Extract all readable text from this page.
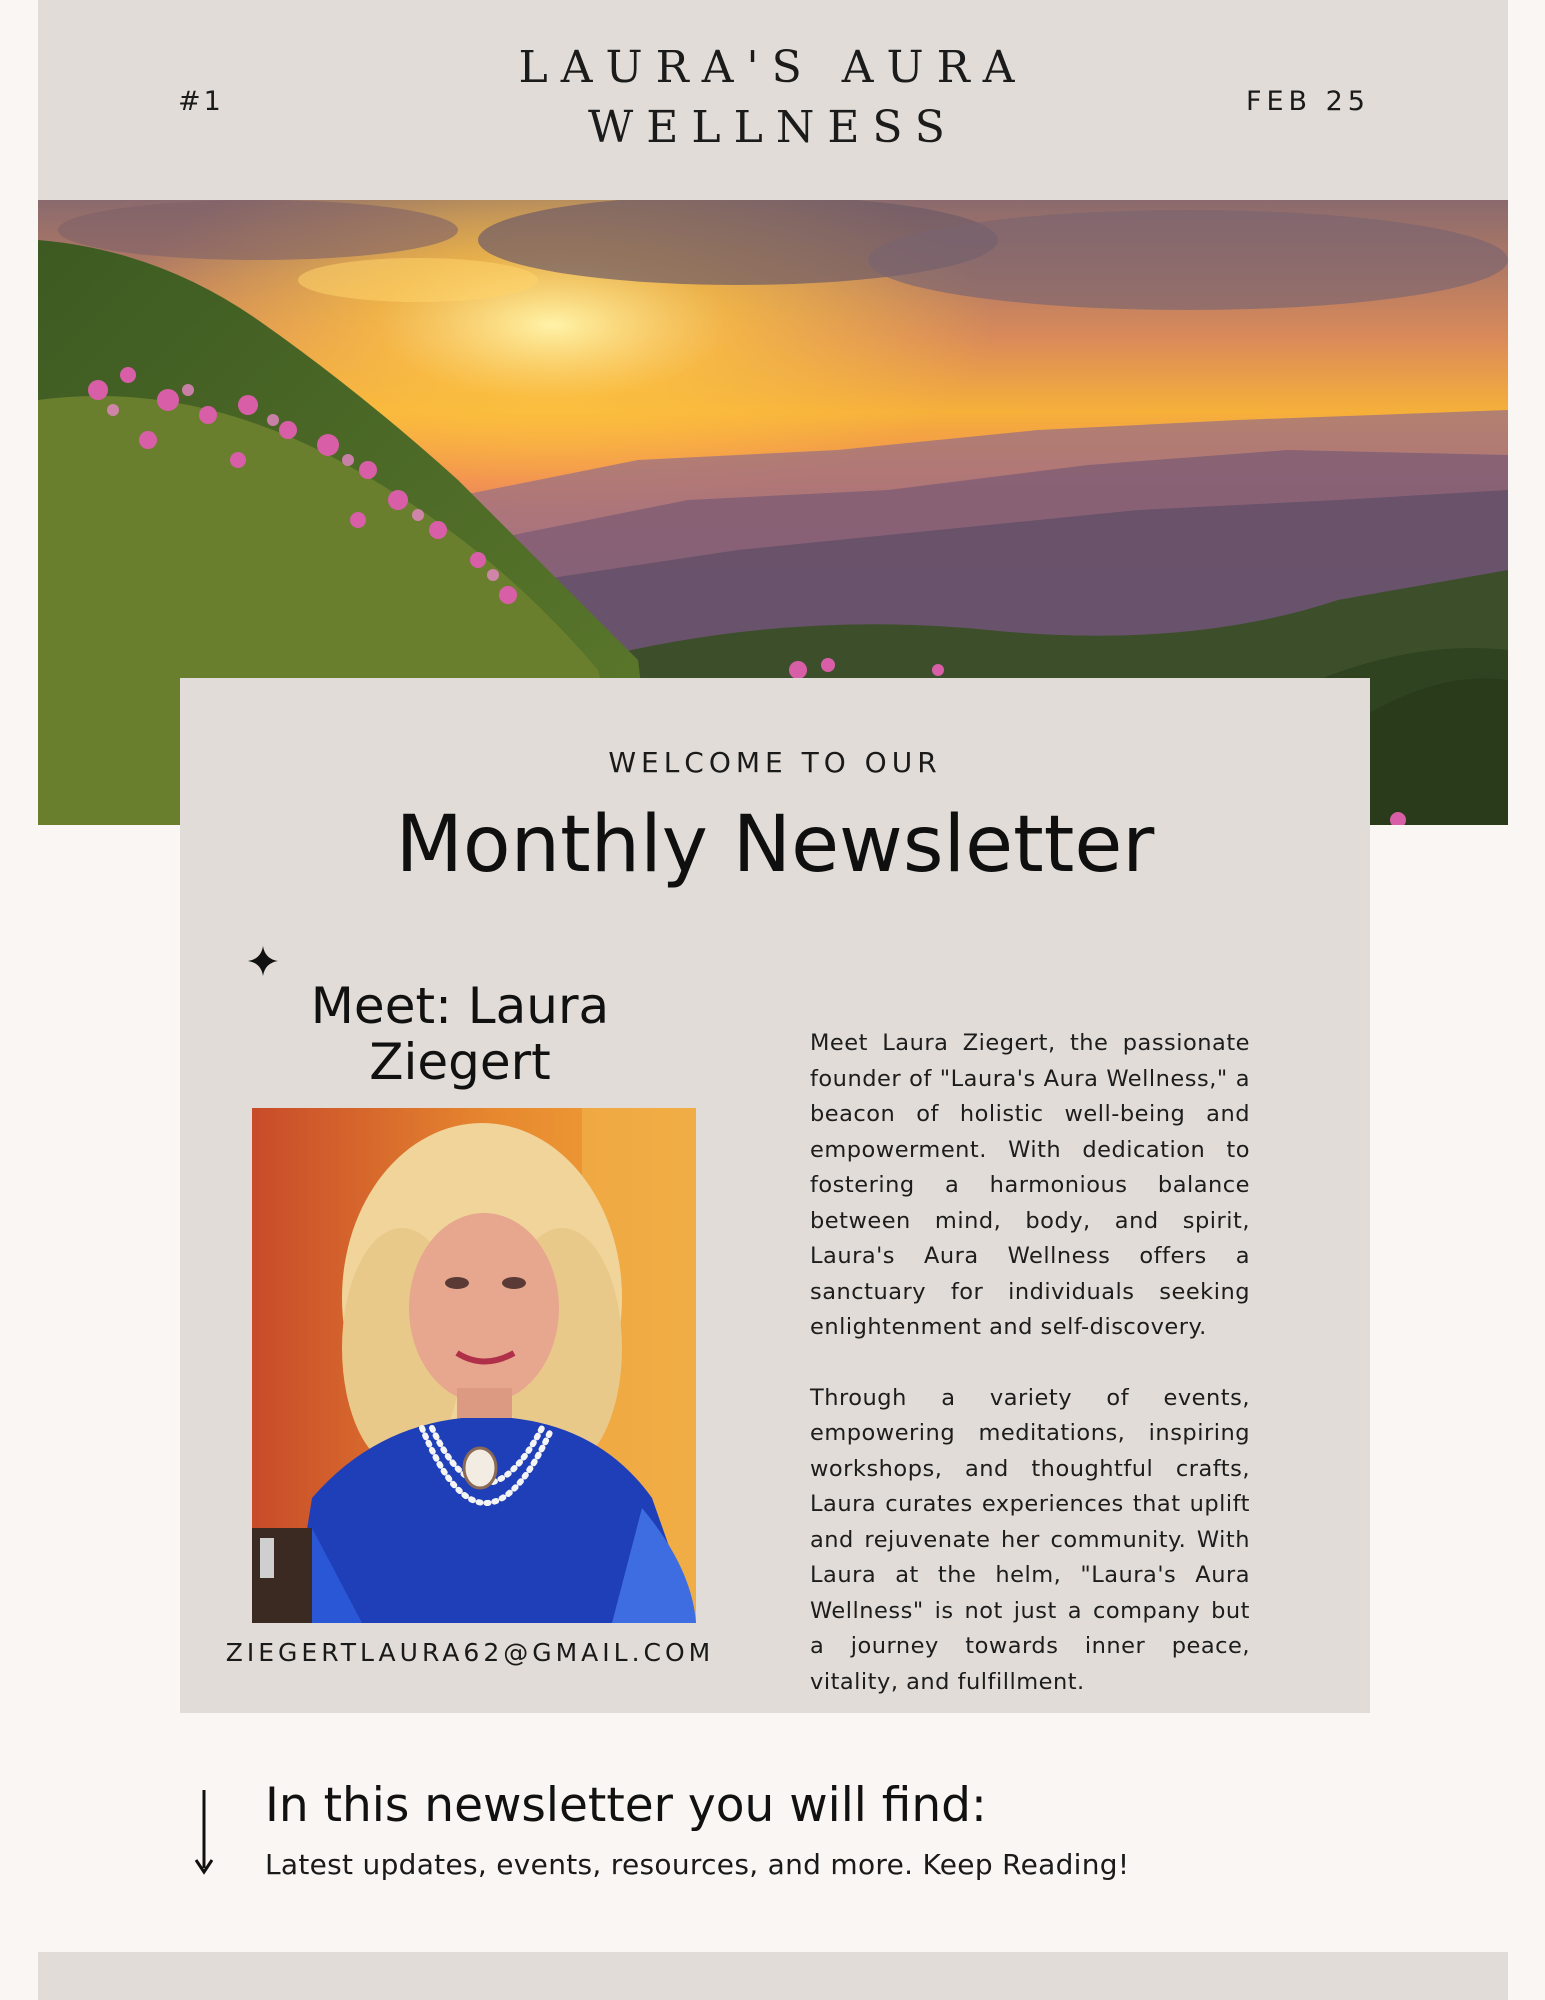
#1
LAURA'S AURA WELLNESS
FEB 25
WELCOME TO OUR
Monthly Newsletter
Meet: Laura Ziegert
ZIEGERTLAURA62@GMAIL.COM

Meet Laura Ziegert, the passionate founder of "Laura's Aura Wellness," a beacon of holistic well-being and empowerment. With dedication to fostering a harmonious balance between mind, body, and spirit, Laura's Aura Wellness offers a sanctuary for individuals seeking enlightenment and self-discovery.

Through a variety of events, empowering meditations, inspiring workshops, and thoughtful crafts, Laura curates experiences that uplift and rejuvenate her community. With Laura at the helm, "Laura's Aura Wellness" is not just a company but a journey towards inner peace, vitality, and fulfillment.

In this newsletter you will find:
Latest updates, events, resources, and more. Keep Reading!
